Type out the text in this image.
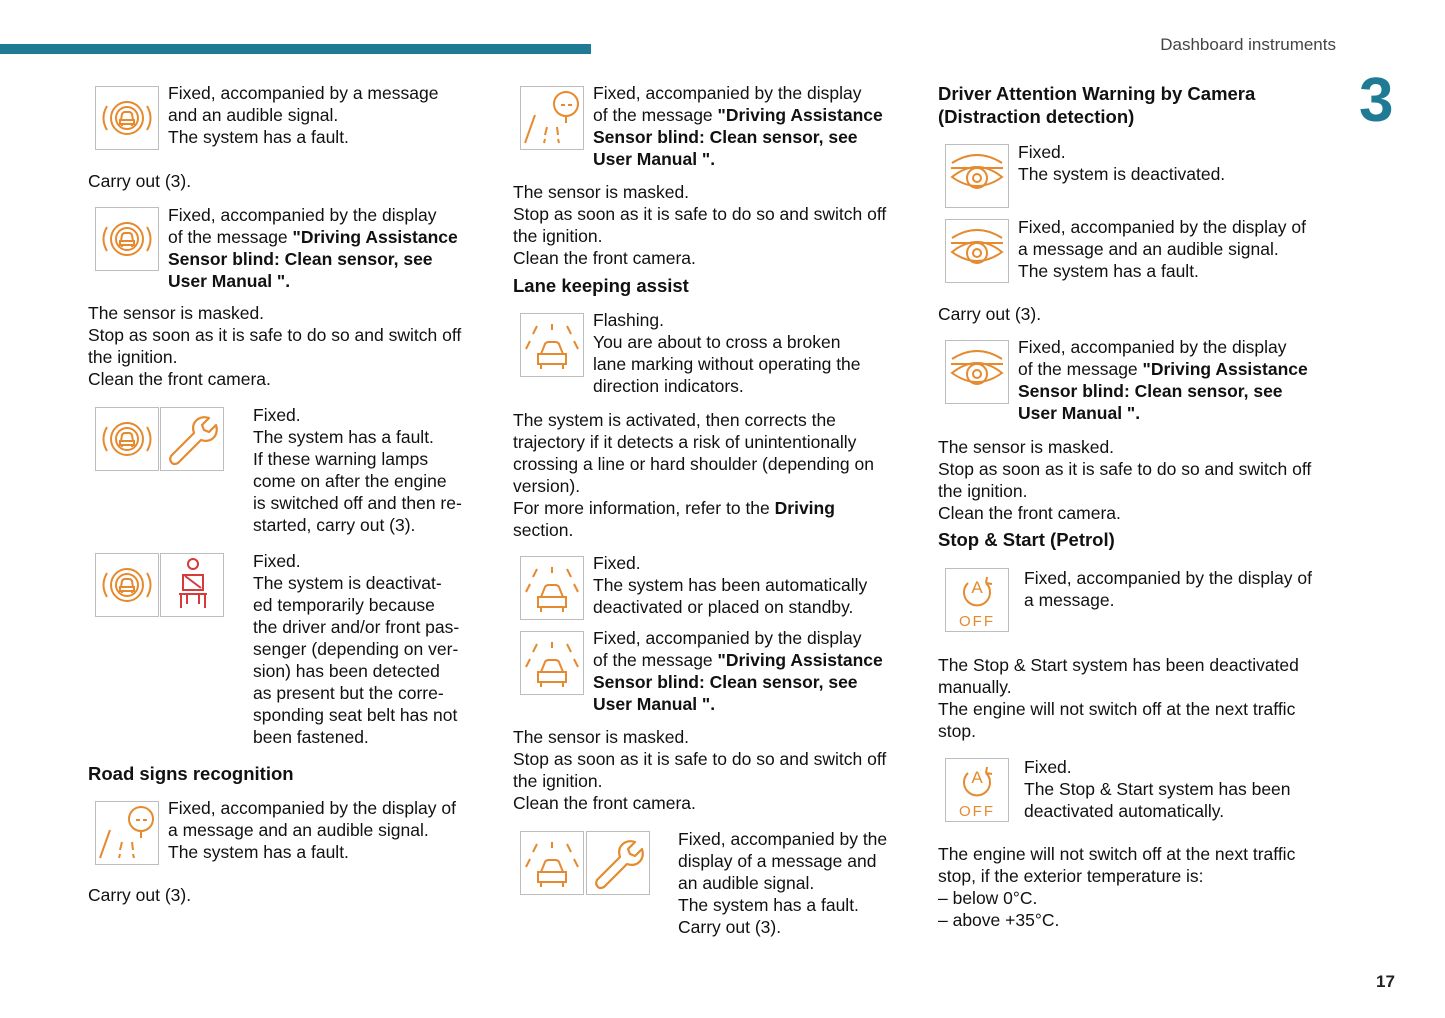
Dashboard instruments
3
17

Fixed, accompanied by a message

and an audible signal.

The system has a fault.

Carry out (3).

Fixed, accompanied by the display

of the message "Driving Assistance

Sensor blind: Clean sensor, see

User Manual ".

The sensor is masked.

Stop as soon as it is safe to do so and switch off

the ignition.

Clean the front camera.

Fixed.

The system has a fault.

If these warning lamps

come on after the engine

is switched off and then re-

started, carry out (3).

Fixed.

The system is deactivat-

ed temporarily because

the driver and/or front pas-

senger (depending on ver-

sion) has been detected

as present but the corre-

sponding seat belt has not

been fastened.

Road signs recognition

Fixed, accompanied by the display of

a message and an audible signal.

The system has a fault.

Carry out (3).

Fixed, accompanied by the display

of the message "Driving Assistance

Sensor blind: Clean sensor, see

User Manual ".

The sensor is masked.

Stop as soon as it is safe to do so and switch off

the ignition.

Clean the front camera.

Lane keeping assist

Flashing.

You are about to cross a broken

lane marking without operating the

direction indicators.

The system is activated, then corrects the

trajectory if it detects a risk of unintentionally

crossing a line or hard shoulder (depending on

version).

For more information, refer to the Driving

section.

Fixed.

The system has been automatically

deactivated or placed on standby.

Fixed, accompanied by the display

of the message "Driving Assistance

Sensor blind: Clean sensor, see

User Manual ".

The sensor is masked.

Stop as soon as it is safe to do so and switch off

the ignition.

Clean the front camera.

Fixed, accompanied by the

display of a message and

an audible signal.

The system has a fault.

Carry out (3).

Driver Attention Warning by Camera

(Distraction detection)

Fixed.

The system is deactivated.

Fixed, accompanied by the display of

a message and an audible signal.

The system has a fault.

Carry out (3).

Fixed, accompanied by the display

of the message "Driving Assistance

Sensor blind: Clean sensor, see

User Manual ".

The sensor is masked.

Stop as soon as it is safe to do so and switch off

the ignition.

Clean the front camera.

Stop & Start (Petrol)

A
OFF

Fixed, accompanied by the display of

a message.

The Stop & Start system has been deactivated

manually.

The engine will not switch off at the next traffic

stop.

A
OFF

Fixed.

The Stop & Start system has been

deactivated automatically.

The engine will not switch off at the next traffic

stop, if the exterior temperature is:

– below 0°C.

– above +35°C.
